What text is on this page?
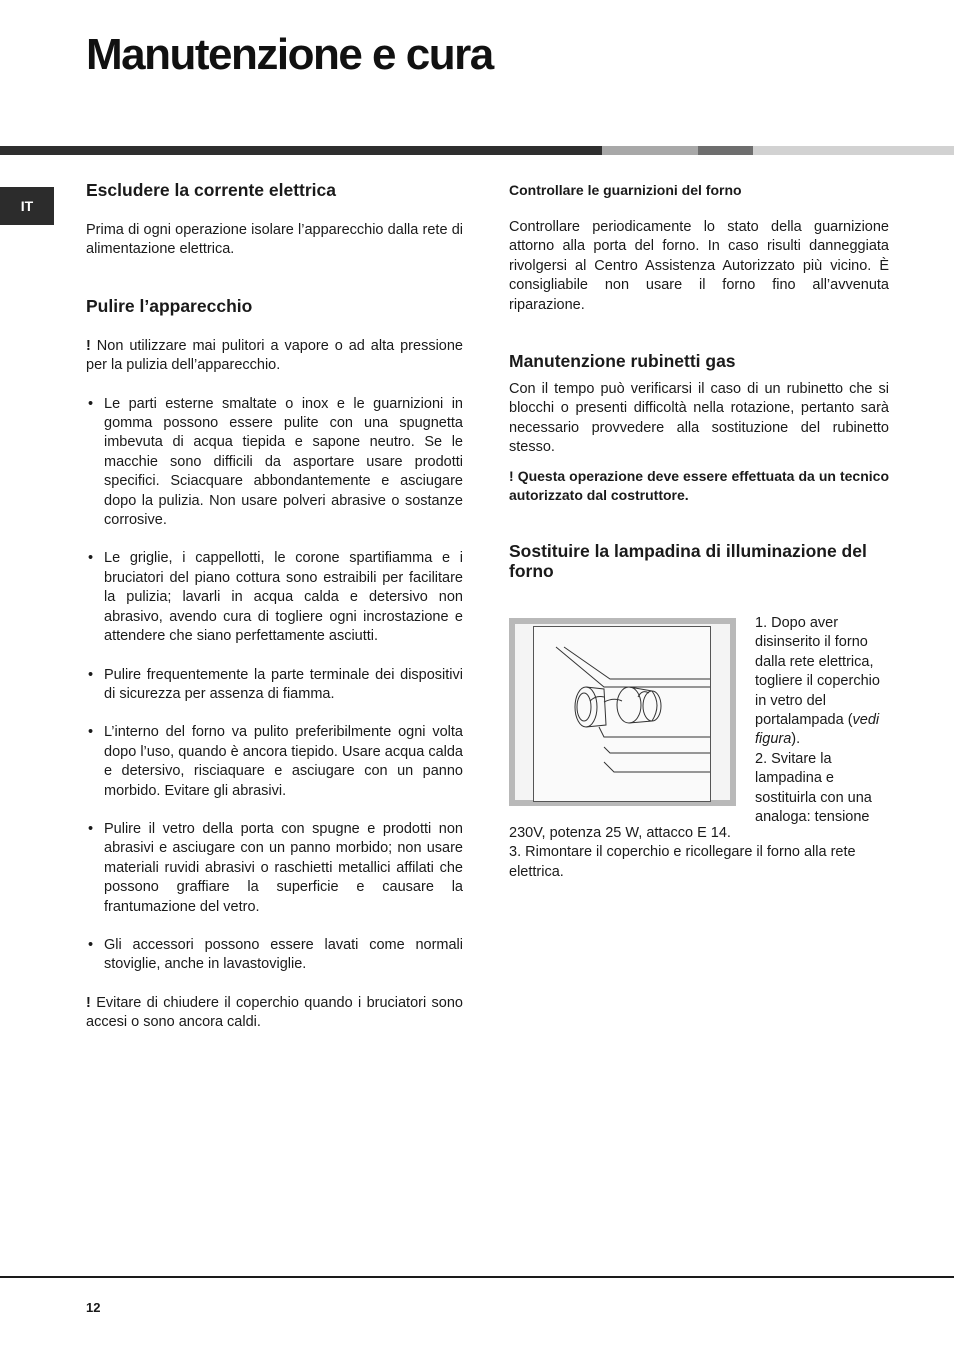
Manutenzione e cura
IT
Escludere la corrente elettrica

Prima di ogni operazione isolare l’apparecchio dalla rete di alimentazione elettrica.

Pulire l’apparecchio

! Non utilizzare mai pulitori a vapore o ad alta pressione per la pulizia dell’apparecchio.

• Le parti esterne smaltate o inox e le guarnizioni in gomma possono essere pulite con una spugnetta imbevuta di acqua tiepida e sapone neutro. Se le macchie sono difficili da asportare usare prodotti specifici. Sciacquare abbondantemente e asciugare dopo la pulizia. Non usare polveri abrasive o sostanze corrosive.

• Le griglie, i cappellotti, le corone spartifiamma e i bruciatori del piano cottura sono estraibili per facilitare la pulizia; lavarli in acqua calda e detersivo non abrasivo, avendo cura di togliere ogni incrostazione e attendere che siano perfettamente asciutti.

• Pulire frequentemente la parte terminale dei dispositivi di sicurezza per assenza di fiamma.

• L’interno del forno va pulito preferibilmente ogni volta dopo l’uso, quando è ancora tiepido. Usare acqua calda e detersivo, risciaquare e asciugare con un panno morbido. Evitare gli abrasivi.

• Pulire il vetro della porta con spugne e prodotti non abrasivi e asciugare con un panno morbido; non usare materiali ruvidi abrasivi o raschietti metallici affilati che possono graffiare la superficie e causare la frantumazione del vetro.

• Gli accessori possono essere lavati come normali stoviglie, anche in lavastoviglie.

! Evitare di chiudere il coperchio quando i bruciatori sono accesi o sono ancora caldi.

Controllare le guarnizioni del forno

Controllare periodicamente lo stato della guarnizione attorno alla porta del forno. In caso risulti danneggiata rivolgersi al Centro Assistenza Autorizzato più vicino. È consigliabile non usare il forno fino all’avvenuta riparazione.

Manutenzione rubinetti gas

Con il tempo può verificarsi il caso di un rubinetto che si blocchi o presenti difficoltà nella rotazione, pertanto sarà necessario provvedere alla sostituzione del rubinetto stesso.

! Questa operazione deve essere effettuata da un tecnico autorizzato dal costruttore.

Sostituire la lampadina di illuminazione del forno
1. Dopo aver disinserito il forno dalla rete elettrica, togliere il coperchio in vetro del portalampada (vedi figura).
2. Svitare la lampadina e sostituirla con una analoga: tensione
230V, potenza 25 W, attacco E 14.
3. Rimontare il coperchio e ricollegare il forno alla rete elettrica.
12
